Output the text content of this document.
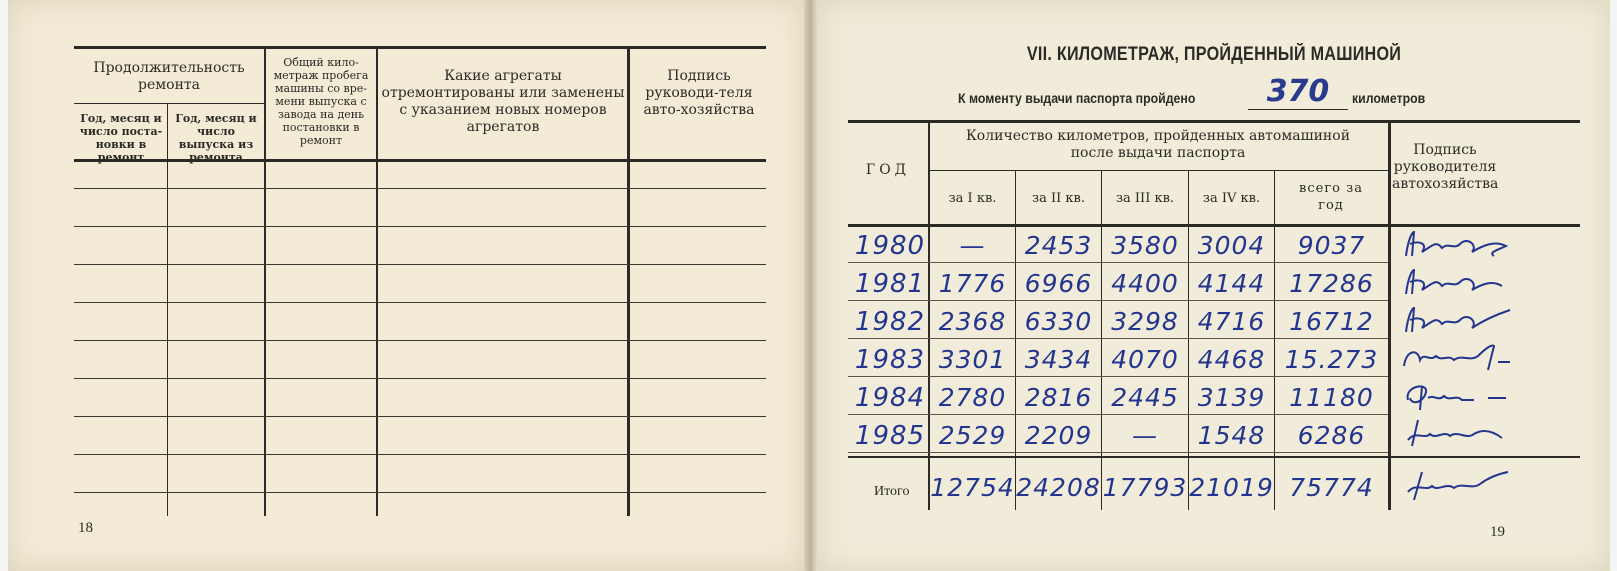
Продолжительность ремонта
Год, месяц и число поста-новки в ремонт
Год, месяц и число выпуска из ремонта
Общий кило-метраж пробега машины со вре-мени выпуска с завода на день постановки в ремонт
Какие агрегаты отремонтированы или заменены с указанием новых номеров агрегатов
Подпись руководи-теля авто-хозяйства
18
VII. КИЛОМЕТРАЖ, ПРОЙДЕННЫЙ МАШИНОЙ
К моменту выдачи паспорта пройдено	370	километров
ГОД
Количество километров, пройденных автомашиной после выдачи паспорта
за I кв.	за II кв.	за III кв.	за IV кв.
всего за год
Подпись руководителя автохозяйства
1980	—	2453 3580 3004	9037
1981 1776 6966 4400 4144 17286
1982 2368 6330 3298 4716 16712
1983 3301 3434 4070 4468 15.273
1984 2780 2816 2445 3139 11180
1985 2529 2209	—	1548	6286
Итого 12754 24208 17793 21019 75774
19
